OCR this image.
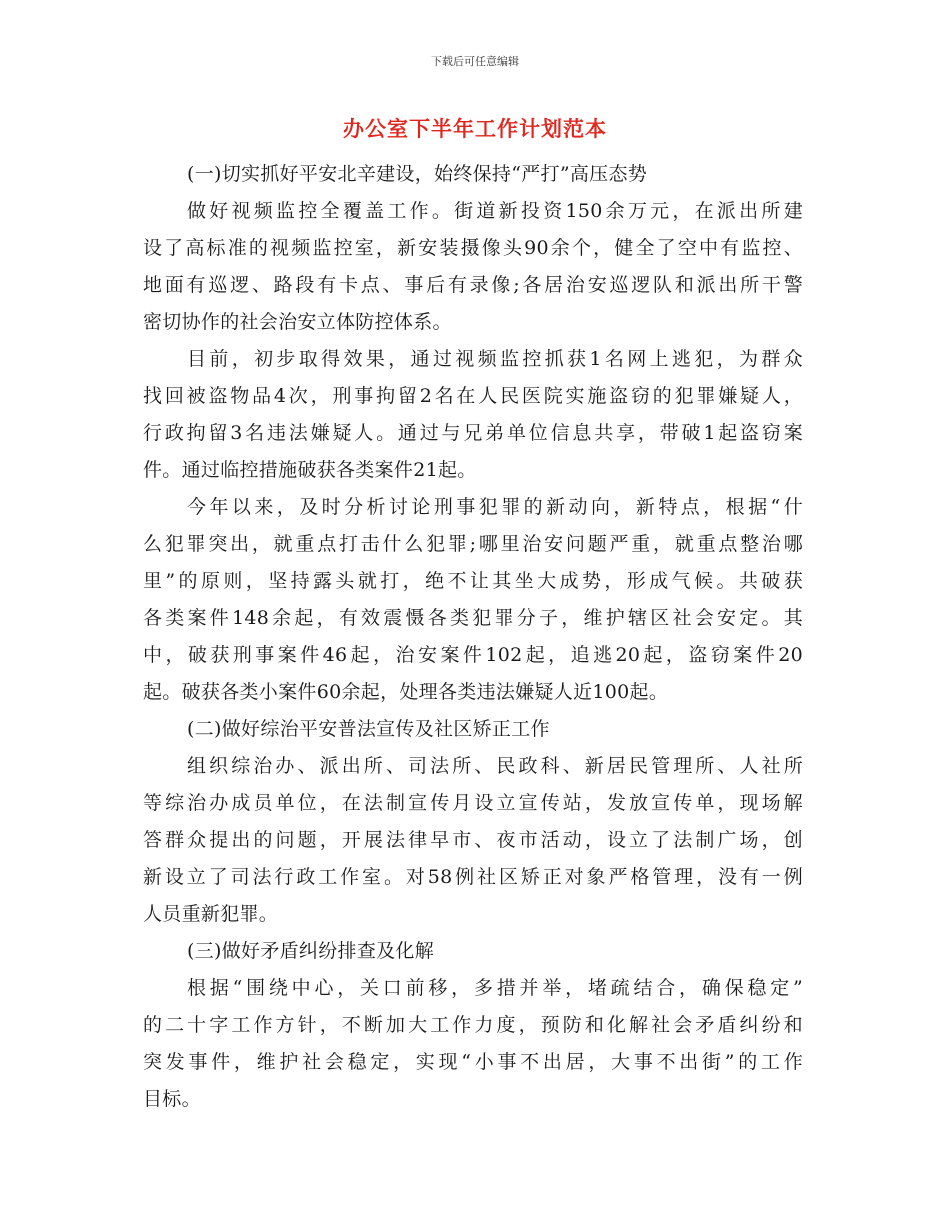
下载后可任意编辑
办公室下半年工作计划范本
(一)切实抓好平安北辛建设，始终保持“严打”高压态势
做好视频监控全覆盖工作。街道新投资150余万元，在派出所建
设了高标准的视频监控室，新安装摄像头90余个，健全了空中有监控、
地面有巡逻、路段有卡点、事后有录像;各居治安巡逻队和派出所干警
密切协作的社会治安立体防控体系。
目前，初步取得效果，通过视频监控抓获1名网上逃犯，为群众
找回被盗物品4次，刑事拘留2名在人民医院实施盗窃的犯罪嫌疑人，
行政拘留3名违法嫌疑人。通过与兄弟单位信息共享，带破1起盗窃案
件。通过临控措施破获各类案件21起。
今年以来，及时分析讨论刑事犯罪的新动向，新特点，根据“什
么犯罪突出，就重点打击什么犯罪;哪里治安问题严重，就重点整治哪
里”的原则，坚持露头就打，绝不让其坐大成势，形成气候。共破获
各类案件148余起，有效震慑各类犯罪分子，维护辖区社会安定。其
中，破获刑事案件46起，治安案件102起，追逃20起，盗窃案件20
起。破获各类小案件60余起，处理各类违法嫌疑人近100起。
(二)做好综治平安普法宣传及社区矫正工作
组织综治办、派出所、司法所、民政科、新居民管理所、人社所
等综治办成员单位，在法制宣传月设立宣传站，发放宣传单，现场解
答群众提出的问题，开展法律早市、夜市活动，设立了法制广场，创
新设立了司法行政工作室。对58例社区矫正对象严格管理，没有一例
人员重新犯罪。
(三)做好矛盾纠纷排查及化解
根据“围绕中心，关口前移，多措并举，堵疏结合，确保稳定”
的二十字工作方针，不断加大工作力度，预防和化解社会矛盾纠纷和
突发事件，维护社会稳定，实现“小事不出居，大事不出街”的工作
目标。
